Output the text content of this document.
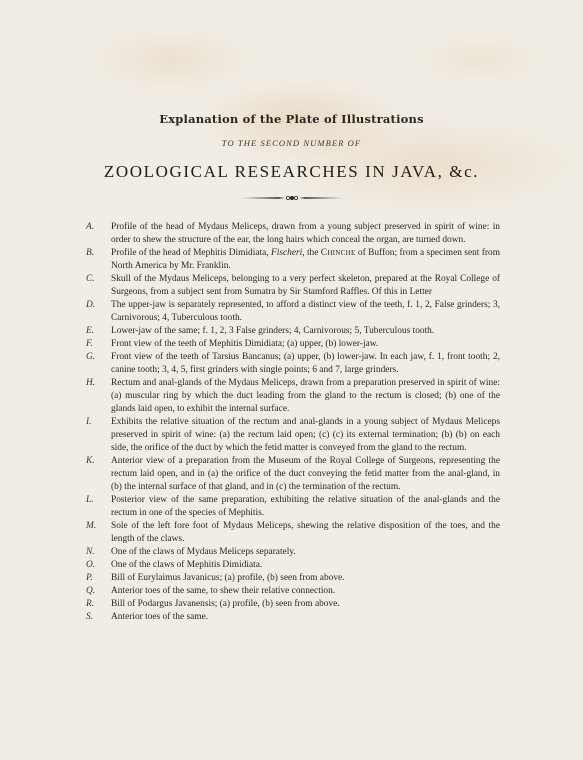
Explanation of the Plate of Illustrations
TO THE SECOND NUMBER OF
ZOOLOGICAL RESEARCHES IN JAVA, &c.
A.	Profile of the head of Mydaus Meliceps, drawn from a young subject preserved in spirit of wine: in order to shew the structure of the ear, the long hairs which conceal the organ, are turned down.
B.	Profile of the head of Mephitis Dimidiata, Fischeri, the Chinche of Buffon; from a specimen sent from North America by Mr. Franklin.
C.	Skull of the Mydaus Meliceps, belonging to a very perfect skeleton, prepared at the Royal College of Surgeons, from a subject sent from Sumatra by Sir Stamford Raffles. Of this in Letter
D.	The upper-jaw is separately represented, to afford a distinct view of the teeth, f. 1, 2, False grinders; 3, Carnivorous; 4, Tuberculous tooth.
E.	Lower-jaw of the same; f. 1, 2, 3 False grinders; 4, Carnivorous; 5, Tuberculous tooth.
F.	Front view of the teeth of Mephitis Dimidiata; (a) upper, (b) lower-jaw.
G.	Front view of the teeth of Tarsius Bancanus; (a) upper, (b) lower-jaw. In each jaw, f. 1, front tooth; 2, canine tooth; 3, 4, 5, first grinders with single points; 6 and 7, large grinders.
H.	Rectum and anal-glands of the Mydaus Meliceps, drawn from a preparation preserved in spirit of wine: (a) muscular ring by which the duct leading from the gland to the rectum is closed; (b) one of the glands laid open, to exhibit the internal surface.
I.	Exhibits the relative situation of the rectum and anal-glands in a young subject of Mydaus Meliceps preserved in spirit of wine: (a) the rectum laid open; (c) (c) its external termination; (b) (b) on each side, the orifice of the duct by which the fetid matter is conveyed from the gland to the rectum.
K.	Anterior view of a preparation from the Museum of the Royal College of Surgeons, representing the rectum laid open, and in (a) the orifice of the duct conveying the fetid matter from the anal-gland, in (b) the internal surface of that gland, and in (c) the termination of the rectum.
L.	Posterior view of the same preparation, exhibiting the relative situation of the anal-glands and the rectum in one of the species of Mephitis.
M.	Sole of the left fore foot of Mydaus Meliceps, shewing the relative disposition of the toes, and the length of the claws.
N.	One of the claws of Mydaus Meliceps separately.
O.	One of the claws of Mephitis Dimidiata.
P.	Bill of Eurylaimus Javanicus; (a) profile, (b) seen from above.
Q.	Anterior toes of the same, to shew their relative connection.
R.	Bill of Podargus Javanensis; (a) profile, (b) seen from above.
S.	Anterior toes of the same.
